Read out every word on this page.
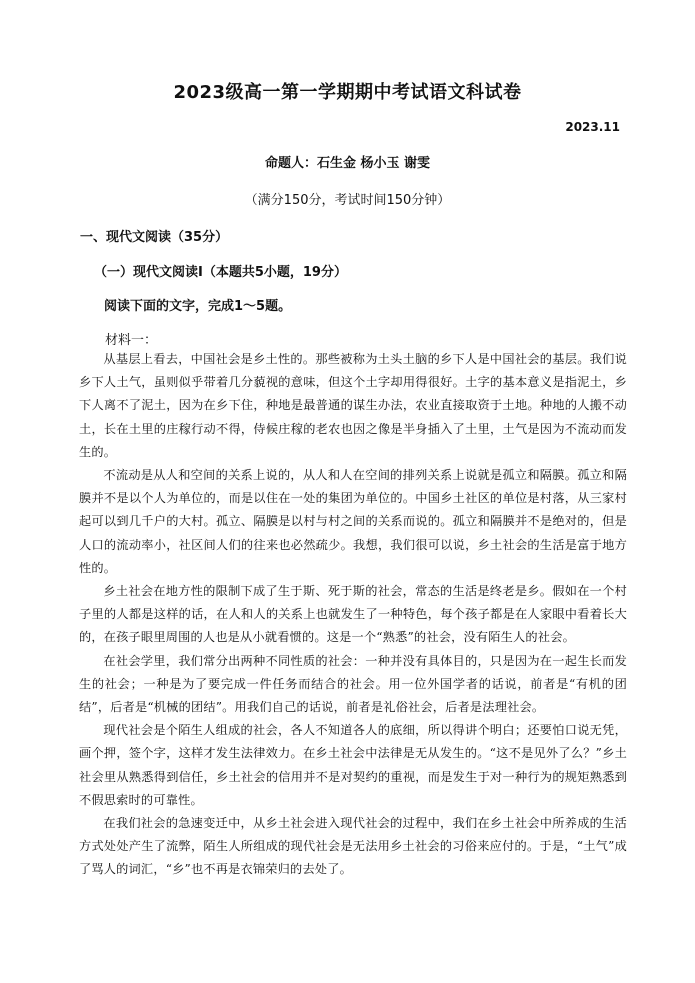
2023级高一第一学期期中考试语文科试卷
2023.11
命题人：石生金 杨小玉 谢雯
（满分150分，考试时间150分钟）
一、现代文阅读（35分）
（一）现代文阅读Ⅰ（本题共5小题，19分）
阅读下面的文字，完成1～5题。
材料一：

从基层上看去，中国社会是乡土性的。那些被称为土头土脑的乡下人是中国社会的基层。我们说乡下人土气，虽则似乎带着几分藐视的意味，但这个土字却用得很好。土字的基本意义是指泥土，乡下人离不了泥土，因为在乡下住，种地是最普通的谋生办法，农业直接取资于土地。种地的人搬不动土，长在土里的庄稼行动不得，侍候庄稼的老农也因之像是半身插入了土里，土气是因为不流动而发生的。

不流动是从人和空间的关系上说的，从人和人在空间的排列关系上说就是孤立和隔膜。孤立和隔膜并不是以个人为单位的，而是以住在一处的集团为单位的。中国乡土社区的单位是村落，从三家村起可以到几千户的大村。孤立、隔膜是以村与村之间的关系而说的。孤立和隔膜并不是绝对的，但是人口的流动率小，社区间人们的往来也必然疏少。我想，我们很可以说，乡土社会的生活是富于地方性的。

乡土社会在地方性的限制下成了生于斯、死于斯的社会，常态的生活是终老是乡。假如在一个村子里的人都是这样的话，在人和人的关系上也就发生了一种特色，每个孩子都是在人家眼中看着长大的，在孩子眼里周围的人也是从小就看惯的。这是一个“熟悉”的社会，没有陌生人的社会。

在社会学里，我们常分出两种不同性质的社会：一种并没有具体目的，只是因为在一起生长而发生的社会；一种是为了要完成一件任务而结合的社会。用一位外国学者的话说，前者是“有机的团结”，后者是“机械的团结”。用我们自己的话说，前者是礼俗社会，后者是法理社会。

现代社会是个陌生人组成的社会，各人不知道各人的底细，所以得讲个明白；还要怕口说无凭，画个押，签个字，这样才发生法律效力。在乡土社会中法律是无从发生的。“这不是见外了么？”乡土社会里从熟悉得到信任，乡土社会的信用并不是对契约的重视，而是发生于对一种行为的规矩熟悉到不假思索时的可靠性。

在我们社会的急速变迁中，从乡土社会进入现代社会的过程中，我们在乡土社会中所养成的生活方式处处产生了流弊，陌生人所组成的现代社会是无法用乡土社会的习俗来应付的。于是，“土气”成了骂人的词汇，“乡”也不再是衣锦荣归的去处了。
